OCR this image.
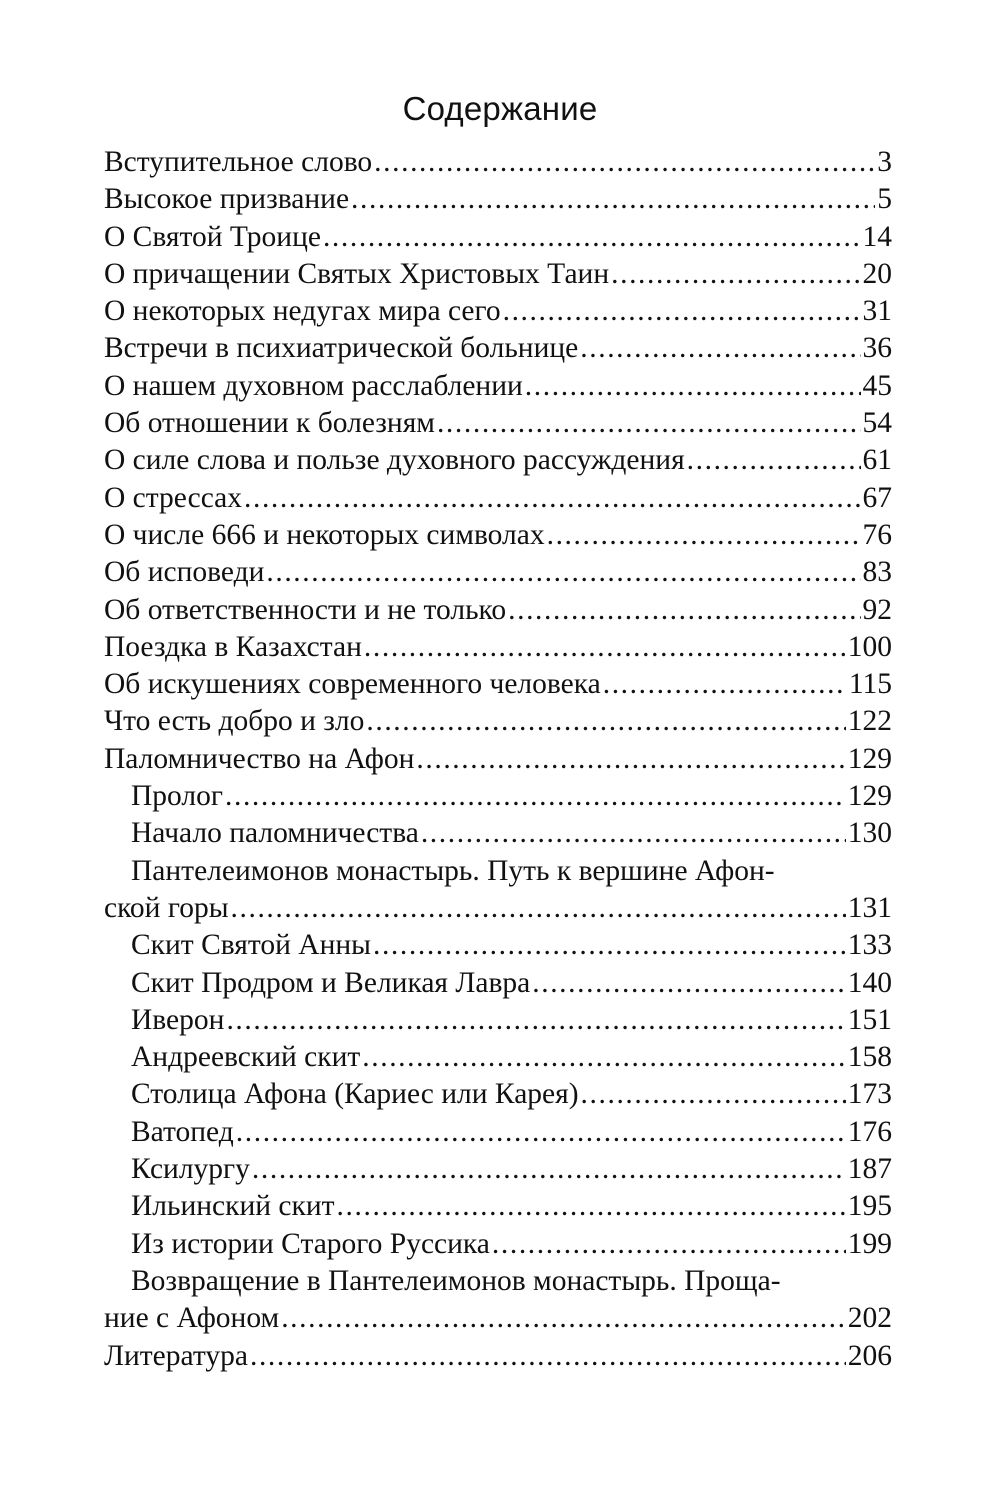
Содержание
Вступительное слово .....	3
Высокое призвание .....	5
О Святой Троице .....	14
О причащении Святых Христовых Таин .....	20
О некоторых недугах мира сего .....	31
Встречи в психиатрической больнице .....	36
О нашем духовном расслаблении .....	45
Об отношении к болезням .....	54
О силе слова и пользе духовного рассуждения .....	61
О стрессах .....	67
О числе 666 и некоторых символах .....	76
Об исповеди .....	83
Об ответственности и не только .....	92
Поездка в Казахстан .....	100
Об искушениях современного человека .....	115
Что есть добро и зло .....	122
Паломничество на Афон .....	129
Пролог .....	129
Начало паломничества .....	130
Пантелеимонов монастырь. Путь к вершине Афон-
ской горы .....	131
Скит Святой Анны .....	133
Скит Продром и Великая Лавра .....	140
Иверон .....	151
Андреевский скит .....	158
Столица Афона (Кариес или Карея) .....	173
Ватопед .....	176
Ксилургу .....	187
Ильинский скит .....	195
Из истории Старого Руссика .....	199
Возвращение в Пантелеимонов монастырь. Проща-
ние с Афоном .....	202
Литература .....	206
